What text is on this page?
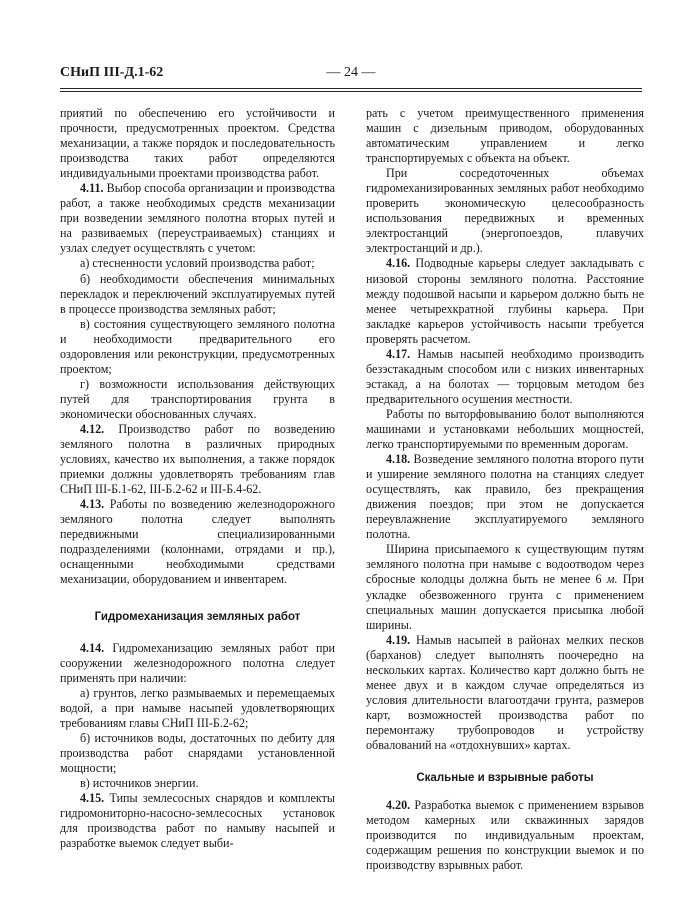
СНиП III-Д.1-62	— 24 —

приятий по обеспечению его устойчивости и прочности, предусмотренных проектом. Средства механизации, а также порядок и последовательность производства таких работ определяются индивидуальными проектами производства работ.

4.11. Выбор способа организации и производства работ, а также необходимых средств механизации при возведении земляного полотна вторых путей и на развиваемых (переустраиваемых) станциях и узлах следует осуществлять с учетом:

а) стесненности условий производства работ;

б) необходимости обеспечения минимальных перекладок и переключений эксплуатируемых путей в процессе производства земляных работ;

в) состояния существующего земляного полотна и необходимости предварительного его оздоровления или реконструкции, предусмотренных проектом;

г) возможности использования действующих путей для транспортирования грунта в экономически обоснованных случаях.

4.12. Производство работ по возведению земляного полотна в различных природных условиях, качество их выполнения, а также порядок приемки должны удовлетворять требованиям глав СНиП III-Б.1-62, III-Б.2-62 и III-Б.4-62.

4.13. Работы по возведению железнодорожного земляного полотна следует выполнять передвижными специализированными подразделениями (колоннами, отрядами и пр.), оснащенными необходимыми средствами механизации, оборудованием и инвентарем.

Гидромеханизация земляных работ

4.14. Гидромеханизацию земляных работ при сооружении железнодорожного полотна следует применять при наличии:

а) грунтов, легко размываемых и перемещаемых водой, а при намыве насыпей удовлетворяющих требованиям главы СНиП III-Б.2-62;

б) источников воды, достаточных по дебиту для производства работ снарядами установленной мощности;

в) источников энергии.

4.15. Типы землесосных снарядов и комплекты гидромониторно-насосно-землесосных установок для производства работ по намыву насыпей и разработке выемок следует выби-

рать с учетом преимущественного применения машин с дизельным приводом, оборудованных автоматическим управлением и легко транспортируемых с объекта на объект.

При сосредоточенных объемах гидромеханизированных земляных работ необходимо проверить экономическую целесообразность использования передвижных и временных электростанций (энергопоездов, плавучих электростанций и др.).

4.16. Подводные карьеры следует закладывать с низовой стороны земляного полотна. Расстояние между подошвой насыпи и карьером должно быть не менее четырехкратной глубины карьера. При закладке карьеров устойчивость насыпи требуется проверять расчетом.

4.17. Намыв насыпей необходимо производить безэстакадным способом или с низких инвентарных эстакад, а на болотах — торцовым методом без предварительного осушения местности.

Работы по выторфовыванию болот выполняются машинами и установками небольших мощностей, легко транспортируемыми по временным дорогам.

4.18. Возведение земляного полотна второго пути и уширение земляного полотна на станциях следует осуществлять, как правило, без прекращения движения поездов; при этом не допускается переувлажнение эксплуатируемого земляного полотна.

Ширина присыпаемого к существующим путям земляного полотна при намыве с водоотводом через сбросные колодцы должна быть не менее 6 м. При укладке обезвоженного грунта с применением специальных машин допускается присыпка любой ширины.

4.19. Намыв насыпей в районах мелких песков (барханов) следует выполнять поочередно на нескольких картах. Количество карт должно быть не менее двух и в каждом случае определяться из условия длительности влагоотдачи грунта, размеров карт, возможностей производства работ по перемонтажу трубопроводов и устройству обвалований на «отдохнувших» картах.

Скальные и взрывные работы

4.20. Разработка выемок с применением взрывов методом камерных или скважинных зарядов производится по индивидуальным проектам, содержащим решения по конструкции выемок и по производству взрывных работ.
